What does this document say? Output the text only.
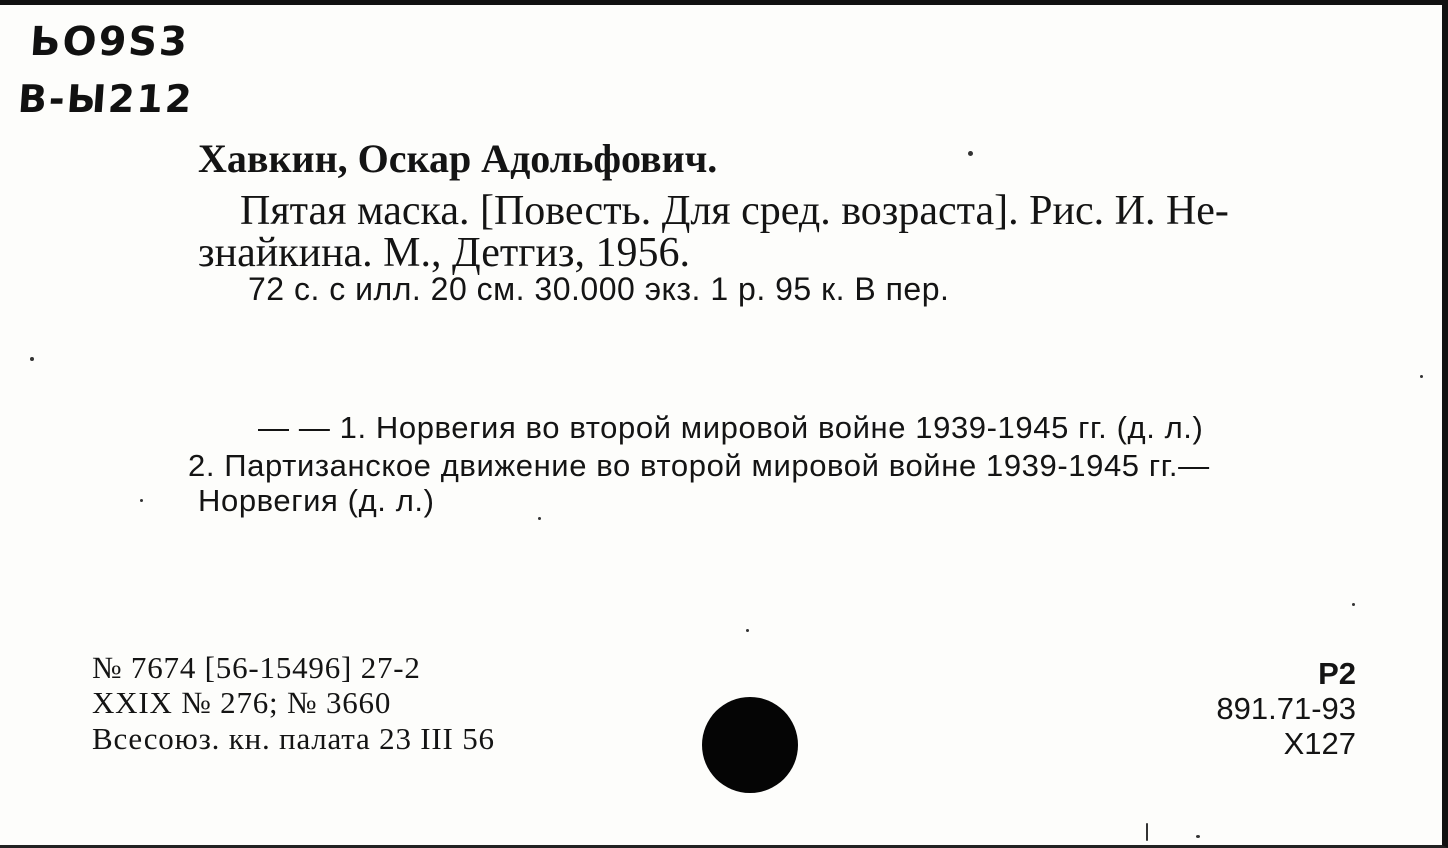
ЬО9S3
В-Ы212
Хавкин, Оскар Адольфович.
Пятая маска. [Повесть. Для сред. возраста]. Рис. И. Не-
знайкина. М., Детгиз, 1956.
72 с. с илл. 20 см. 30.000 экз. 1 р. 95 к. В пер.
— — 1. Норвегия во второй мировой войне 1939-1945 гг. (д. л.)
2. Партизанское движение во второй мировой войне 1939-1945 гг.—
Норвегия (д. л.)
№ 7674 [56-15496] 27-2
XXIX № 276; № 3660
Всесоюз. кн. палата 23 III 56
Р2
891.71-93
Х127
